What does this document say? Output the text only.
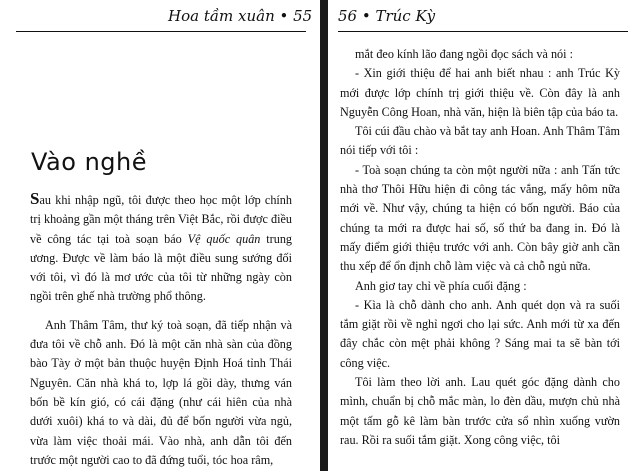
Hoa tầm xuân • 55
Vào nghề

Sau khi nhập ngũ, tôi được theo học một lớp chính trị khoảng gần một tháng trên Việt Bắc, rồi được điều về công tác tại toà soạn báo Vệ quốc quân trung ương. Được về làm báo là một điều sung sướng đối với tôi, vì đó là mơ ước của tôi từ những ngày còn ngồi trên ghế nhà trường phổ thông.

Anh Thâm Tâm, thư ký toà soạn, đã tiếp nhận và đưa tôi về chỗ anh. Đó là một căn nhà sàn của đồng bào Tày ở một bản thuộc huyện Định Hoá tỉnh Thái Nguyên. Căn nhà khá to, lợp lá gồi dày, thưng ván bốn bề kín gió, có cái đặng (như cái hiên của nhà dưới xuôi) khá to và dài, đủ để bốn người vừa ngủ, vừa làm việc thoải mái. Vào nhà, anh dẫn tôi đến trước một người cao to đã đứng tuổi, tóc hoa râm,

56 • Trúc Kỳ

mắt đeo kính lão đang ngồi đọc sách và nói :

- Xin giới thiệu để hai anh biết nhau : anh Trúc Kỳ mới được lớp chính trị giới thiệu về. Còn đây là anh Nguyễn Công Hoan, nhà văn, hiện là biên tập của báo ta.

Tôi cúi đầu chào và bắt tay anh Hoan. Anh Thâm Tâm nói tiếp với tôi :

- Toà soạn chúng ta còn một người nữa : anh Tấn tức nhà thơ Thôi Hữu hiện đi công tác vắng, mấy hôm nữa mới về. Như vậy, chúng ta hiện có bốn người. Báo của chúng ta mới ra được hai số, số thứ ba đang in. Đó là mấy điểm giới thiệu trước với anh. Còn bây giờ anh cần thu xếp để ổn định chỗ làm việc và cả chỗ ngủ nữa.

Anh giơ tay chỉ về phía cuối đặng :

- Kìa là chỗ dành cho anh. Anh quét dọn và ra suối tắm giặt rồi về nghỉ ngơi cho lại sức. Anh mới từ xa đến đây chắc còn mệt phải không ? Sáng mai ta sẽ bàn tới công việc.

Tôi làm theo lời anh. Lau quét góc đặng dành cho mình, chuẩn bị chỗ mắc màn, lo đèn dầu, mượn chủ nhà một tấm gỗ kê làm bàn trước cửa sổ nhìn xuống vườn rau. Rồi ra suối tắm giặt. Xong công việc, tôi
